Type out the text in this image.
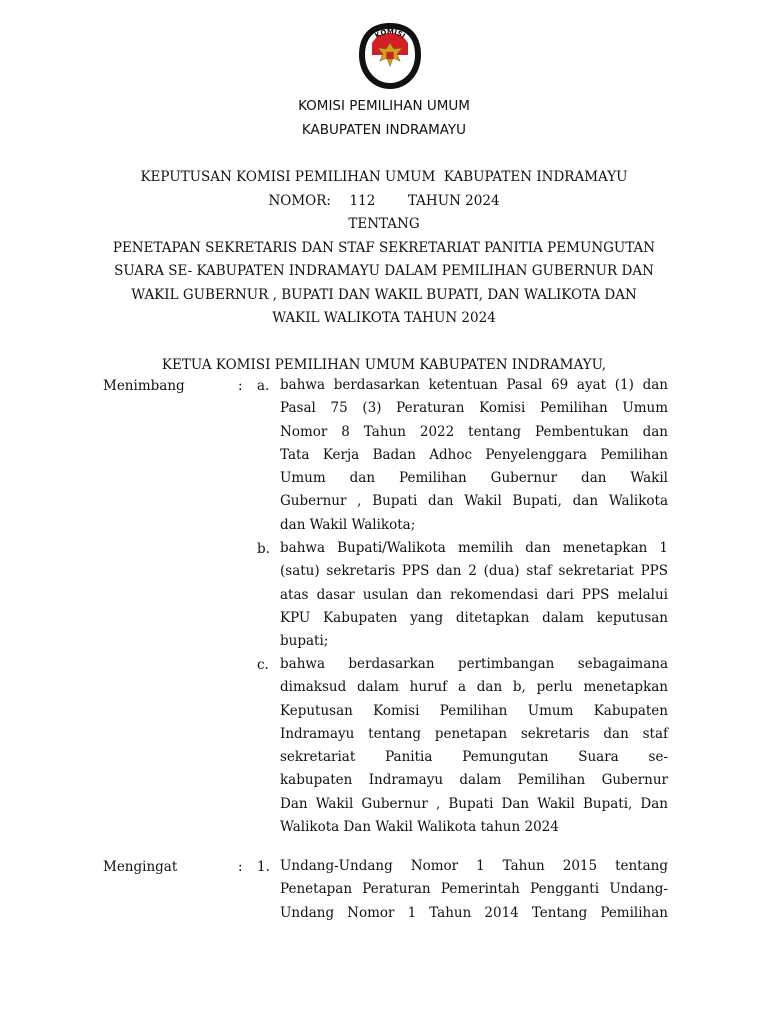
KOMISI
PEMILIHAN UMUM
KOMISI PEMILIHAN UMUM
KABUPATEN INDRAMAYU
KEPUTUSAN KOMISI PEMILIHAN UMUM  KABUPATEN INDRAMAYU
NOMOR: 112 TAHUN 2024
TENTANG
PENETAPAN SEKRETARIS DAN STAF SEKRETARIAT PANITIA PEMUNGUTAN
SUARA SE- KABUPATEN INDRAMAYU DALAM PEMILIHAN GUBERNUR DAN
WAKIL GUBERNUR , BUPATI DAN WAKIL BUPATI, DAN WALIKOTA DAN
WAKIL WALIKOTA TAHUN 2024
KETUA KOMISI PEMILIHAN UMUM KABUPATEN INDRAMAYU,
Menimbang	: a. bahwa berdasarkan ketentuan Pasal 69 ayat (1) dan
Pasal 75 (3) Peraturan Komisi Pemilihan Umum
Nomor 8 Tahun 2022 tentang Pembentukan dan
Tata Kerja Badan Adhoc Penyelenggara Pemilihan
Umum dan Pemilihan Gubernur dan Wakil
Gubernur , Bupati dan Wakil Bupati, dan Walikota
dan Wakil Walikota;
b. bahwa Bupati/Walikota memilih dan menetapkan 1
(satu) sekretaris PPS dan 2 (dua) staf sekretariat PPS
atas dasar usulan dan rekomendasi dari PPS melalui
KPU Kabupaten yang ditetapkan dalam keputusan
bupati;
c. bahwa berdasarkan pertimbangan sebagaimana
dimaksud dalam huruf a dan b, perlu menetapkan
Keputusan Komisi Pemilihan Umum Kabupaten
Indramayu tentang penetapan sekretaris dan staf
sekretariat Panitia Pemungutan Suara se-
kabupaten Indramayu dalam Pemilihan Gubernur
Dan Wakil Gubernur , Bupati Dan Wakil Bupati, Dan
Walikota Dan Wakil Walikota tahun 2024
Mengingat	: 1. Undang-Undang Nomor 1 Tahun 2015 tentang
Penetapan Peraturan Pemerintah Pengganti Undang-
Undang Nomor 1 Tahun 2014 Tentang Pemilihan
